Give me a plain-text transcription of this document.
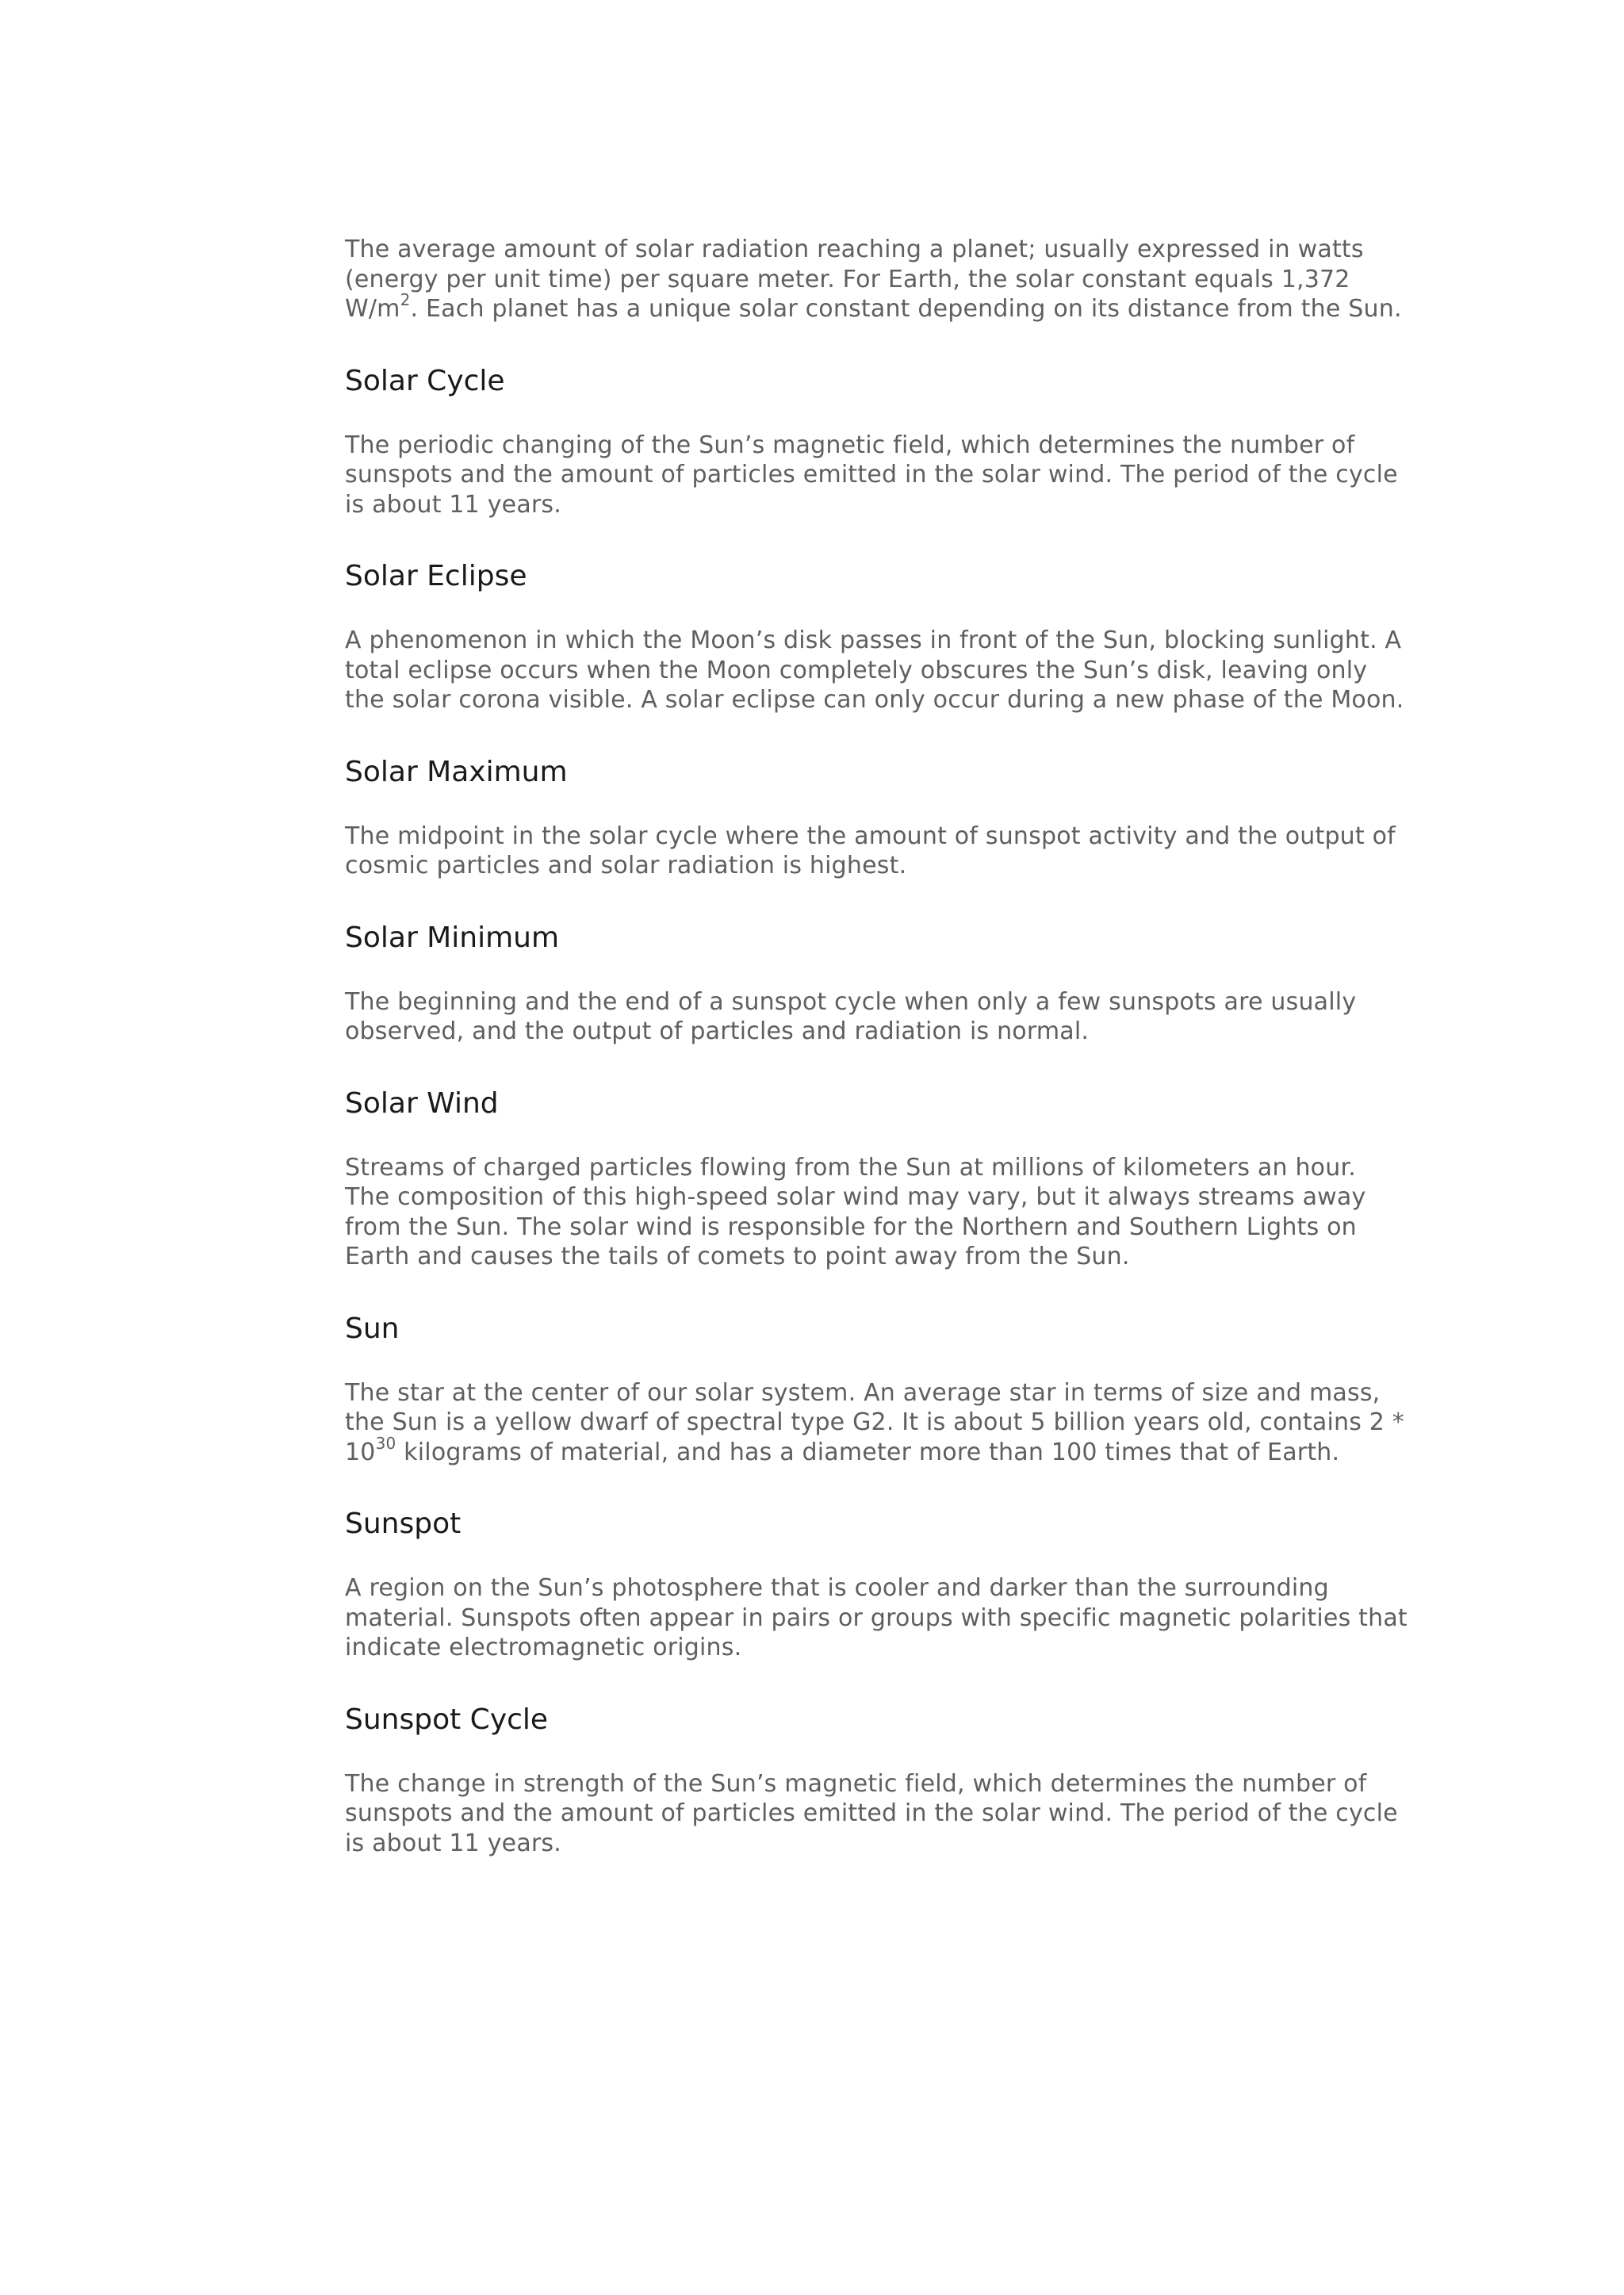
The average amount of solar radiation reaching a planet; usually expressed in watts (energy per unit time) per square meter. For Earth, the solar constant equals 1,372 $W/m^2$. Each planet has a unique solar constant depending on its distance from the Sun.

Solar Cycle

The periodic changing of the Sun’s magnetic field, which determines the number of sunspots and the amount of particles emitted in the solar wind. The period of the cycle is about 11 years.

Solar Eclipse

A phenomenon in which the Moon’s disk passes in front of the Sun, blocking sunlight. A total eclipse occurs when the Moon completely obscures the Sun’s disk, leaving only the solar corona visible. A solar eclipse can only occur during a new phase of the Moon.

Solar Maximum

The midpoint in the solar cycle where the amount of sunspot activity and the output of cosmic particles and solar radiation is highest.

Solar Minimum

The beginning and the end of a sunspot cycle when only a few sunspots are usually observed, and the output of particles and radiation is normal.

Solar Wind

Streams of charged particles flowing from the Sun at millions of kilometers an hour. The composition of this high-speed solar wind may vary, but it always streams away from the Sun. The solar wind is responsible for the Northern and Southern Lights on Earth and causes the tails of comets to point away from the Sun.

Sun

The star at the center of our solar system. An average star in terms of size and mass, the Sun is a yellow dwarf of spectral type G2. It is about 5 billion years old, contains $2 * 10^{30}$ kilograms of material, and has a diameter more than 100 times that of Earth.

Sunspot

A region on the Sun’s photosphere that is cooler and darker than the surrounding material. Sunspots often appear in pairs or groups with specific magnetic polarities that indicate electromagnetic origins.

Sunspot Cycle

The change in strength of the Sun’s magnetic field, which determines the number of sunspots and the amount of particles emitted in the solar wind. The period of the cycle is about 11 years.
